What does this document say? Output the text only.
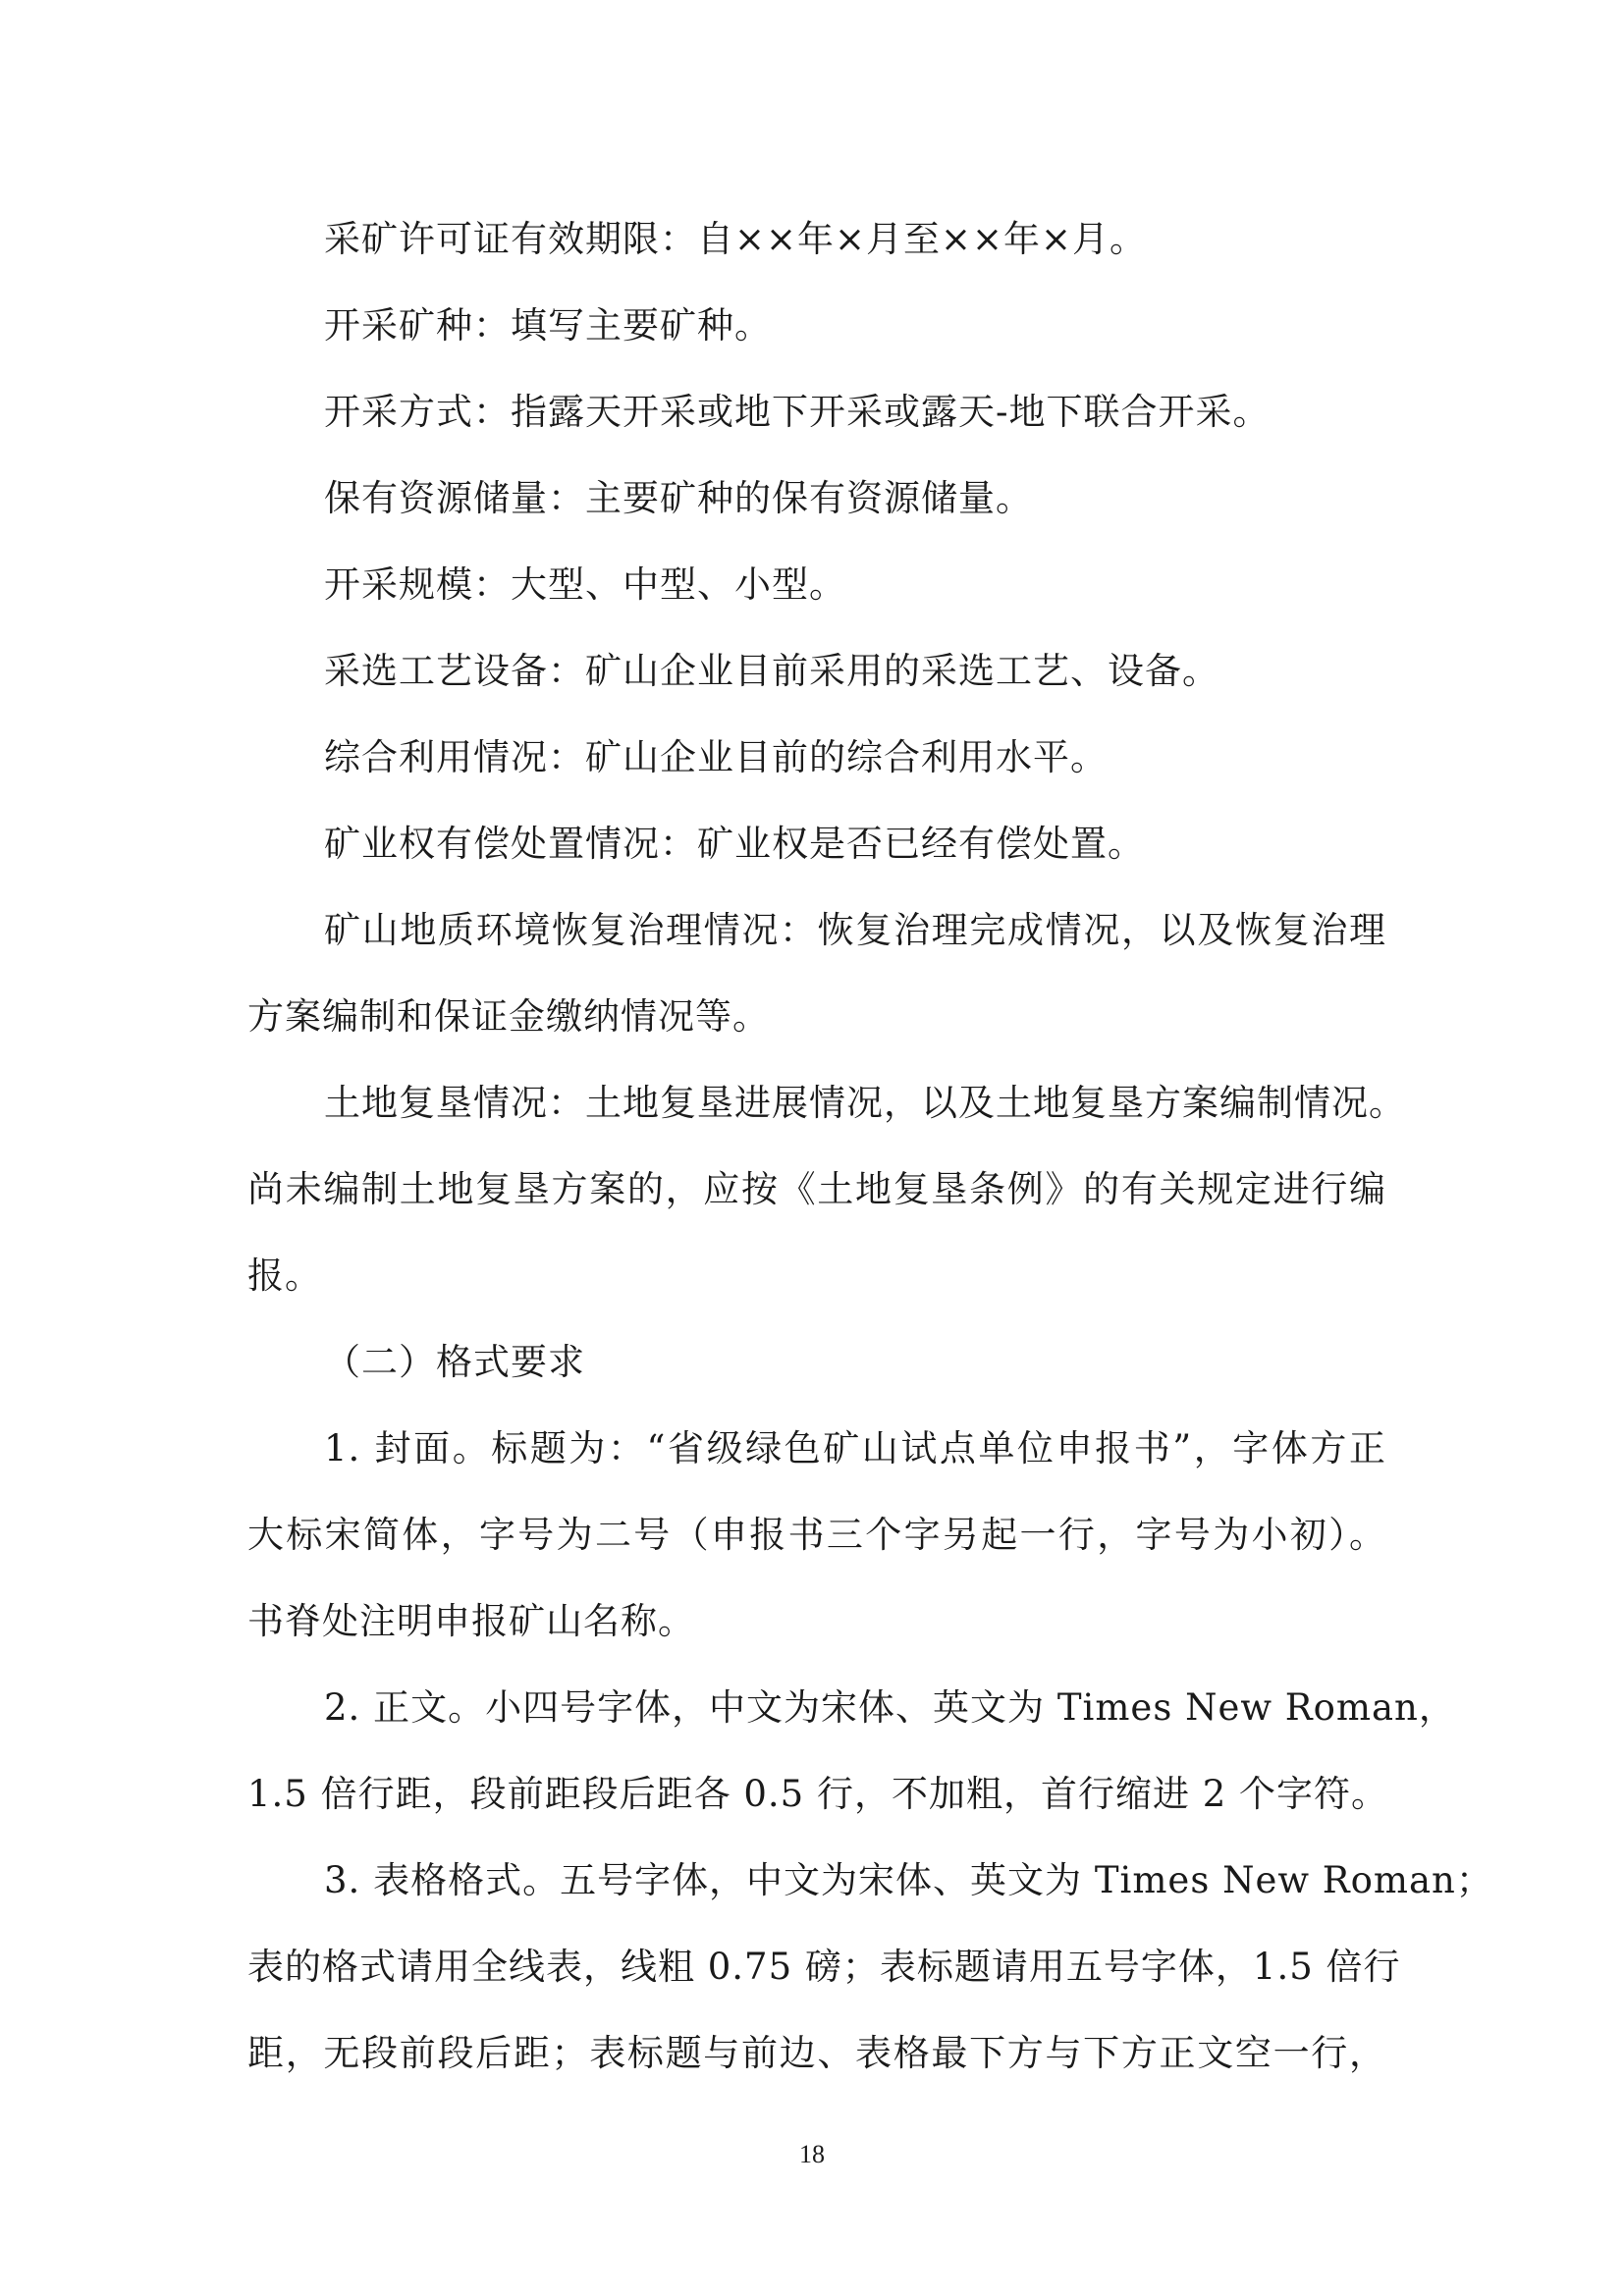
采矿许可证有效期限：自××年×月至××年×月。
开采矿种：填写主要矿种。
开采方式：指露天开采或地下开采或露天-地下联合开采。
保有资源储量：主要矿种的保有资源储量。
开采规模：大型、中型、小型。
采选工艺设备：矿山企业目前采用的采选工艺、设备。
综合利用情况：矿山企业目前的综合利用水平。
矿业权有偿处置情况：矿业权是否已经有偿处置。
矿山地质环境恢复治理情况：恢复治理完成情况，以及恢复治理
方案编制和保证金缴纳情况等。
土地复垦情况：土地复垦进展情况，以及土地复垦方案编制情况。
尚未编制土地复垦方案的，应按《土地复垦条例》的有关规定进行编
报。
（二）格式要求
1. 封面。标题为：“省级绿色矿山试点单位申报书”，字体方正
大标宋简体，字号为二号（申报书三个字另起一行，字号为小初）。
书脊处注明申报矿山名称。
2. 正文。小四号字体，中文为宋体、英文为 Times New Roman，
1.5 倍行距，段前距段后距各 0.5 行，不加粗，首行缩进 2 个字符。
3. 表格格式。五号字体，中文为宋体、英文为 Times New Roman；
表的格式请用全线表，线粗 0.75 磅；表标题请用五号字体，1.5 倍行
距，无段前段后距；表标题与前边、表格最下方与下方正文空一行，
18
